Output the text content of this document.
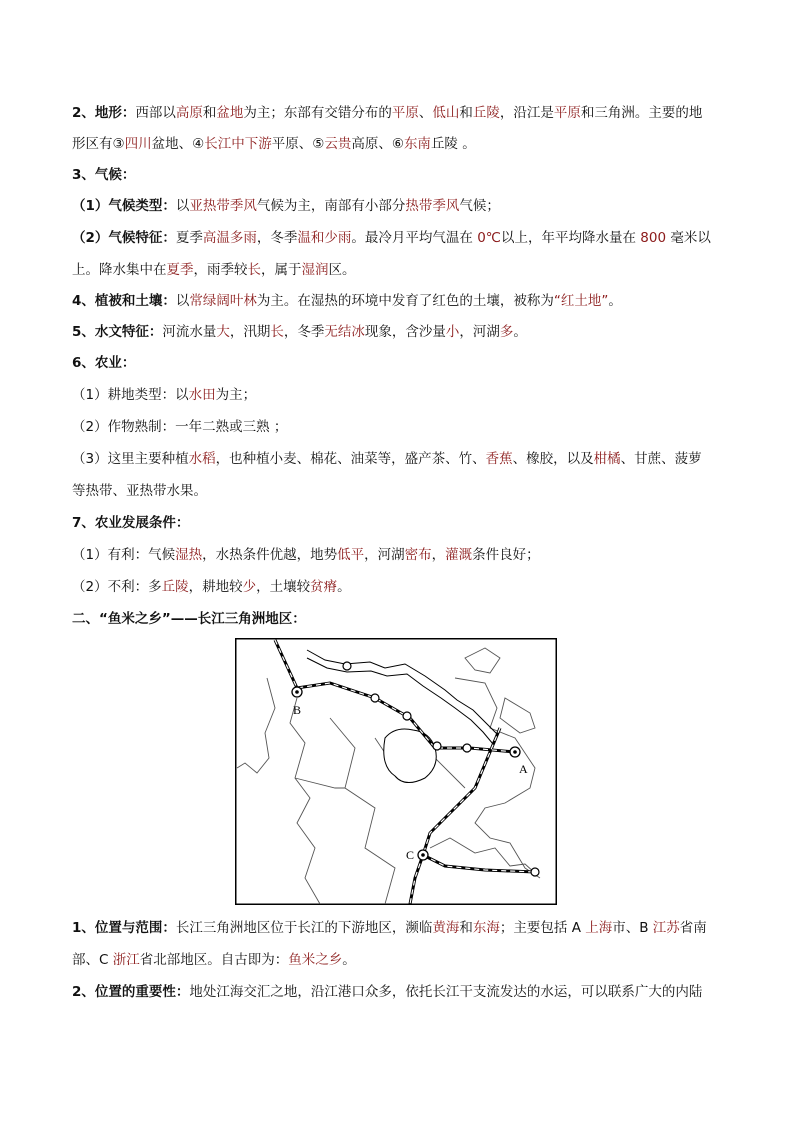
2、地形：西部以高原和盆地为主；东部有交错分布的平原、低山和丘陵，沿江是平原和三角洲。主要的地
形区有③四川盆地、④长江中下游平原、⑤云贵高原、⑥东南丘陵 。
3、气候：
（1）气候类型：以亚热带季风气候为主，南部有小部分热带季风气候；
（2）气候特征：夏季高温多雨，冬季温和少雨。最冷月平均气温在 0℃以上，年平均降水量在 800 毫米以
上。降水集中在夏季，雨季较长，属于湿润区。
4、植被和土壤：以常绿阔叶林为主。在湿热的环境中发育了红色的土壤，被称为“红土地”。
5、水文特征：河流水量大，汛期长，冬季无结冰现象，含沙量小，河湖多。
6、农业：
（1）耕地类型：以水田为主；
（2）作物熟制：一年二熟或三熟 ；
（3）这里主要种植水稻，也种植小麦、棉花、油菜等，盛产茶、竹、香蕉、橡胶，以及柑橘、甘蔗、菠萝
等热带、亚热带水果。
7、农业发展条件：
（1）有利：气候湿热，水热条件优越，地势低平，河湖密布，灌溉条件良好；
（2）不利：多丘陵，耕地较少，土壤较贫瘠。
二、“鱼米之乡”——长江三角洲地区：
B
A
C
1、位置与范围：长江三角洲地区位于长江的下游地区，濒临黄海和东海；主要包括 A 上海市、B 江苏省南
部、C 浙江省北部地区。自古即为：鱼米之乡。
2、位置的重要性：地处江海交汇之地，沿江港口众多，依托长江干支流发达的水运，可以联系广大的内陆
